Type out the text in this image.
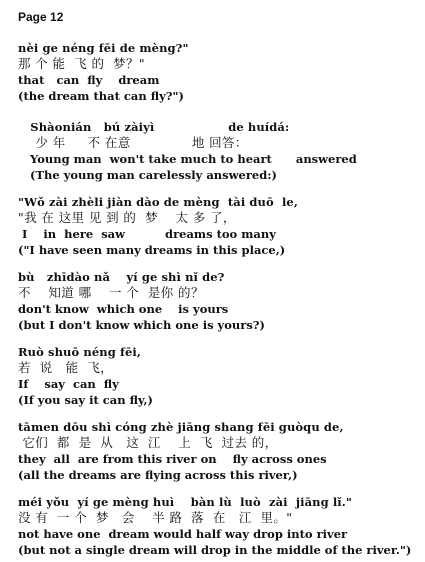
Page 12
nèi ge néng fēi de mèng?"
那 个 能  飞 的  梦？"
that   can  fly    dream
(the dream that can fly?")
Shàonián   bú zàiyì                  de huídá:
少 年     不 在意              地 回答：
Young man  won't take much to heart      answered
(The young man carelessly answered:)
"Wǒ zài zhèli jiàn dào de mèng  tài duō  le,
"我 在 这里 见 到 的  梦    太 多 了，
I    in  here  saw          dreams too many
("I have seen many dreams in this place,)
bù   zhīdào nǎ    yí ge shì nǐ de?
不    知道 哪    一 个  是你 的？
don't know  which one    is yours
(but I don't know which one is yours?)
Ruò shuō néng fēi,
若  说   能  飞，
If    say  can  fly
(If you say it can fly,)
tāmen dōu shì cóng zhè jiāng shang fēi guòqu de,
它们  都  是  从   这  江    上  飞  过去 的，
they  all  are from this river on    fly across ones
(all the dreams are flying across this river,)
méi yǒu  yí ge mèng huì    bàn lù  luò  zài  jiāng lǐ."
没 有  一 个  梦   会    半 路  落  在   江  里。"
not have one  dream would half way drop into river
(but not a single dream will drop in the middle of the river.")
